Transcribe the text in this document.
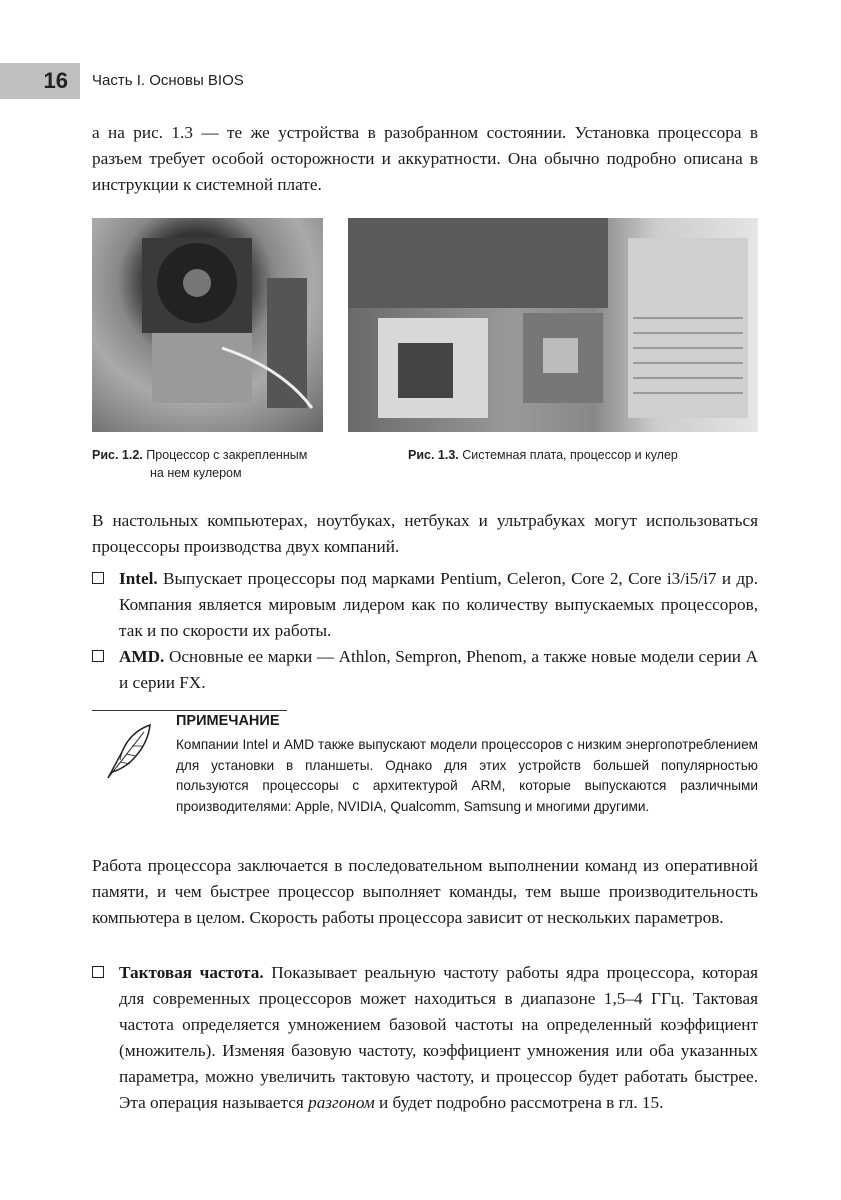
16	Часть I. Основы BIOS
а на рис. 1.3 — те же устройства в разобранном состоянии. Установка процессора в разъем требует особой осторожности и аккуратности. Она обычно подробно описана в инструкции к системной плате.
Рис. 1.2. Процессор с закрепленным
на нем кулером
Рис. 1.3. Системная плата, процессор и кулер
В настольных компьютерах, ноутбуках, нетбуках и ультрабуках могут использоваться процессоры производства двух компаний.
Intel. Выпускает процессоры под марками Pentium, Celeron, Core 2, Core i3/i5/i7 и др. Компания является мировым лидером как по количеству выпускаемых процессоров, так и по скорости их работы.
AMD. Основные ее марки — Athlon, Sempron, Phenom, а также новые модели серии A и серии FX.
ПРИМЕЧАНИЕ
Компании Intel и AMD также выпускают модели процессоров с низким энергопотреблением для установки в планшеты. Однако для этих устройств большей популярностью пользуются процессоры с архитектурой ARM, которые выпускаются различными производителями: Apple, NVIDIA, Qualcomm, Samsung и многими другими.
Работа процессора заключается в последовательном выполнении команд из оперативной памяти, и чем быстрее процессор выполняет команды, тем выше производительность компьютера в целом. Скорость работы процессора зависит от нескольких параметров.
Тактовая частота. Показывает реальную частоту работы ядра процессора, которая для современных процессоров может находиться в диапазоне 1,5–4 ГГц. Тактовая частота определяется умножением базовой частоты на определенный коэффициент (множитель). Изменяя базовую частоту, коэффициент умножения или оба указанных параметра, можно увеличить тактовую частоту, и процессор будет работать быстрее. Эта операция называется разгоном и будет подробно рассмотрена в гл. 15.
